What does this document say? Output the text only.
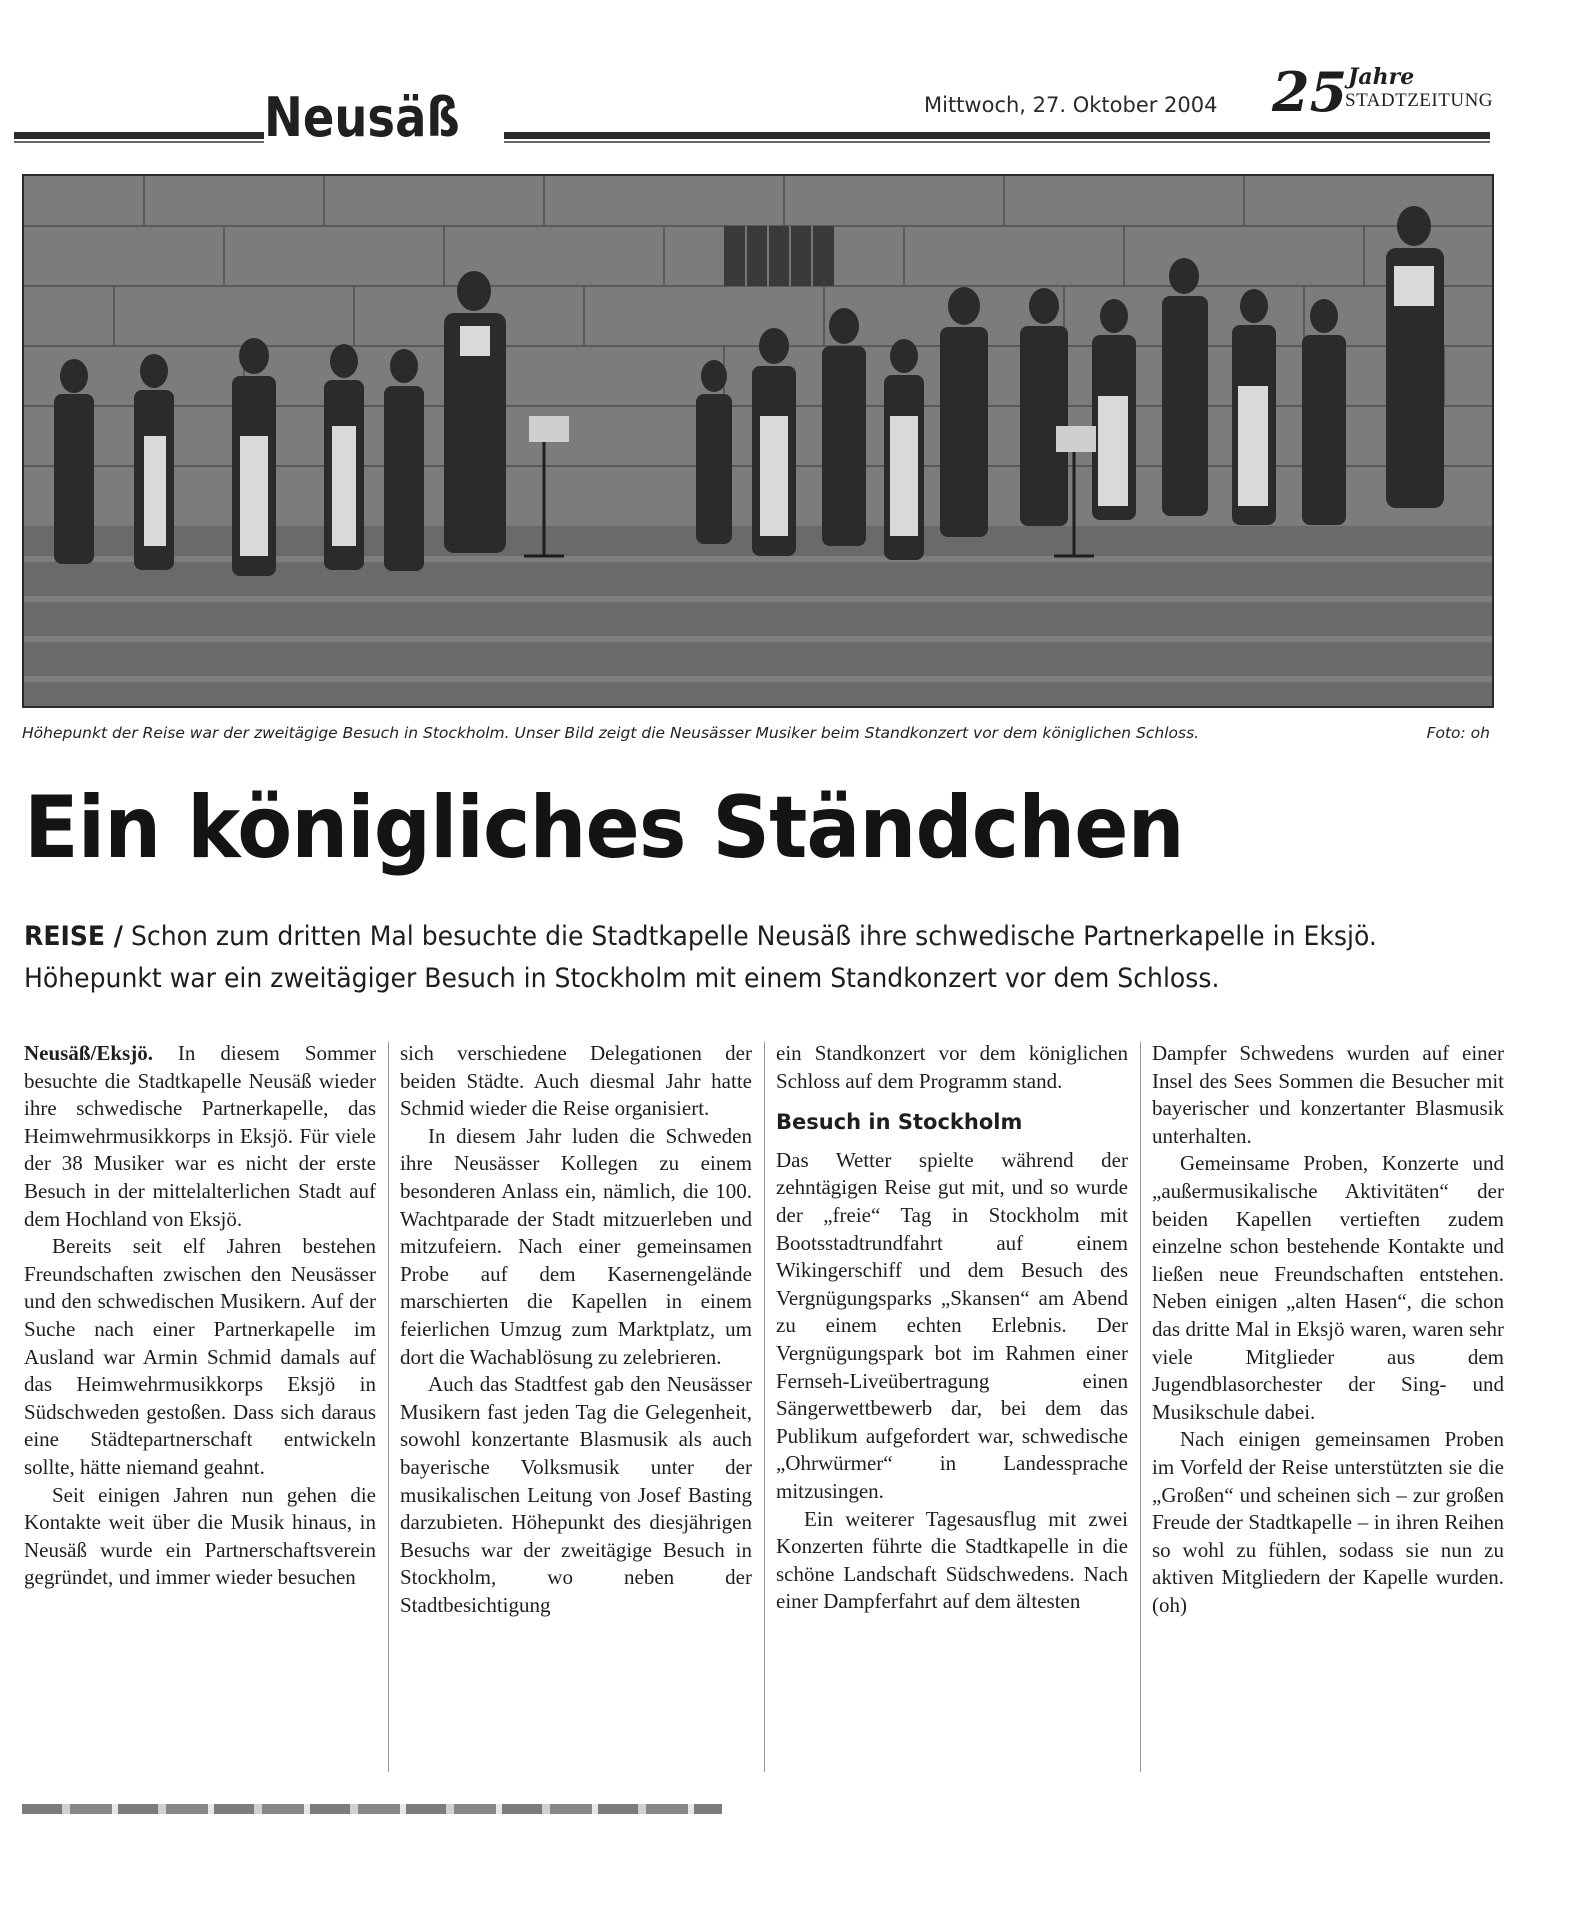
Neusäß	Mittwoch, 27. Oktober 2004 25 Jahre
STADTZEITUNG
Höhepunkt der Reise war der zweitägige Besuch in Stockholm. Unser Bild zeigt die Neusässer Musiker beim Standkonzert vor dem königlichen Schloss.	Foto: oh
Ein königliches Ständchen
REISE / Schon zum dritten Mal besuchte die Stadtkapelle Neusäß ihre schwedische Partnerkapelle in Eksjö. Höhepunkt war ein zweitägiger Besuch in Stockholm mit einem Standkonzert vor dem Schloss.

Neusäß/Eksjö. In diesem Sommer besuchte die Stadtkapelle Neusäß wieder ihre schwedische Partnerkapelle, das Heimwehrmusikkorps in Eksjö. Für viele der 38 Musiker war es nicht der erste Besuch in der mittelalterlichen Stadt auf dem Hochland von Eksjö.

Bereits seit elf Jahren bestehen Freundschaften zwischen den Neusässer und den schwedischen Musikern. Auf der Suche nach einer Partnerkapelle im Ausland war Armin Schmid damals auf das Heimwehrmusikkorps Eksjö in Südschweden gestoßen. Dass sich daraus eine Städtepartnerschaft entwickeln sollte, hätte niemand geahnt.

Seit einigen Jahren nun gehen die Kontakte weit über die Musik hinaus, in Neusäß wurde ein Partnerschaftsverein gegründet, und immer wieder besuchen

sich verschiedene Delegationen der beiden Städte. Auch diesmal Jahr hatte Schmid wieder die Reise organisiert.

In diesem Jahr luden die Schweden ihre Neusässer Kollegen zu einem besonderen Anlass ein, nämlich, die 100. Wachtparade der Stadt mitzuerleben und mitzufeiern. Nach einer gemeinsamen Probe auf dem Kasernengelände marschierten die Kapellen in einem feierlichen Umzug zum Marktplatz, um dort die Wachablösung zu zelebrieren.

Auch das Stadtfest gab den Neusässer Musikern fast jeden Tag die Gelegenheit, sowohl konzertante Blasmusik als auch bayerische Volksmusik unter der musikalischen Leitung von Josef Basting darzubieten. Höhepunkt des diesjährigen Besuchs war der zweitägige Besuch in Stockholm, wo neben der Stadtbesichtigung

ein Standkonzert vor dem königlichen Schloss auf dem Programm stand.

Besuch in Stockholm

Das Wetter spielte während der zehntägigen Reise gut mit, und so wurde der „freie“ Tag in Stockholm mit Bootsstadtrundfahrt auf einem Wikingerschiff und dem Besuch des Vergnügungsparks „Skansen“ am Abend zu einem echten Erlebnis. Der Vergnügungspark bot im Rahmen einer Fernseh-Liveübertragung einen Sängerwettbewerb dar, bei dem das Publikum aufgefordert war, schwedische „Ohrwürmer“ in Landessprache mitzusingen.

Ein weiterer Tagesausflug mit zwei Konzerten führte die Stadtkapelle in die schöne Landschaft Südschwedens. Nach einer Dampferfahrt auf dem ältesten

Dampfer Schwedens wurden auf einer Insel des Sees Sommen die Besucher mit bayerischer und konzertanter Blasmusik unterhalten.

Gemeinsame Proben, Konzerte und „außermusikalische Aktivitäten“ der beiden Kapellen vertieften zudem einzelne schon bestehende Kontakte und ließen neue Freundschaften entstehen. Neben einigen „alten Hasen“, die schon das dritte Mal in Eksjö waren, waren sehr viele Mitglieder aus dem Jugendblasorchester der Sing- und Musikschule dabei.

Nach einigen gemeinsamen Proben im Vorfeld der Reise unterstützten sie die „Großen“ und scheinen sich – zur großen Freude der Stadtkapelle – in ihren Reihen so wohl zu fühlen, sodass sie nun zu aktiven Mitgliedern der Kapelle wurden. (oh)
